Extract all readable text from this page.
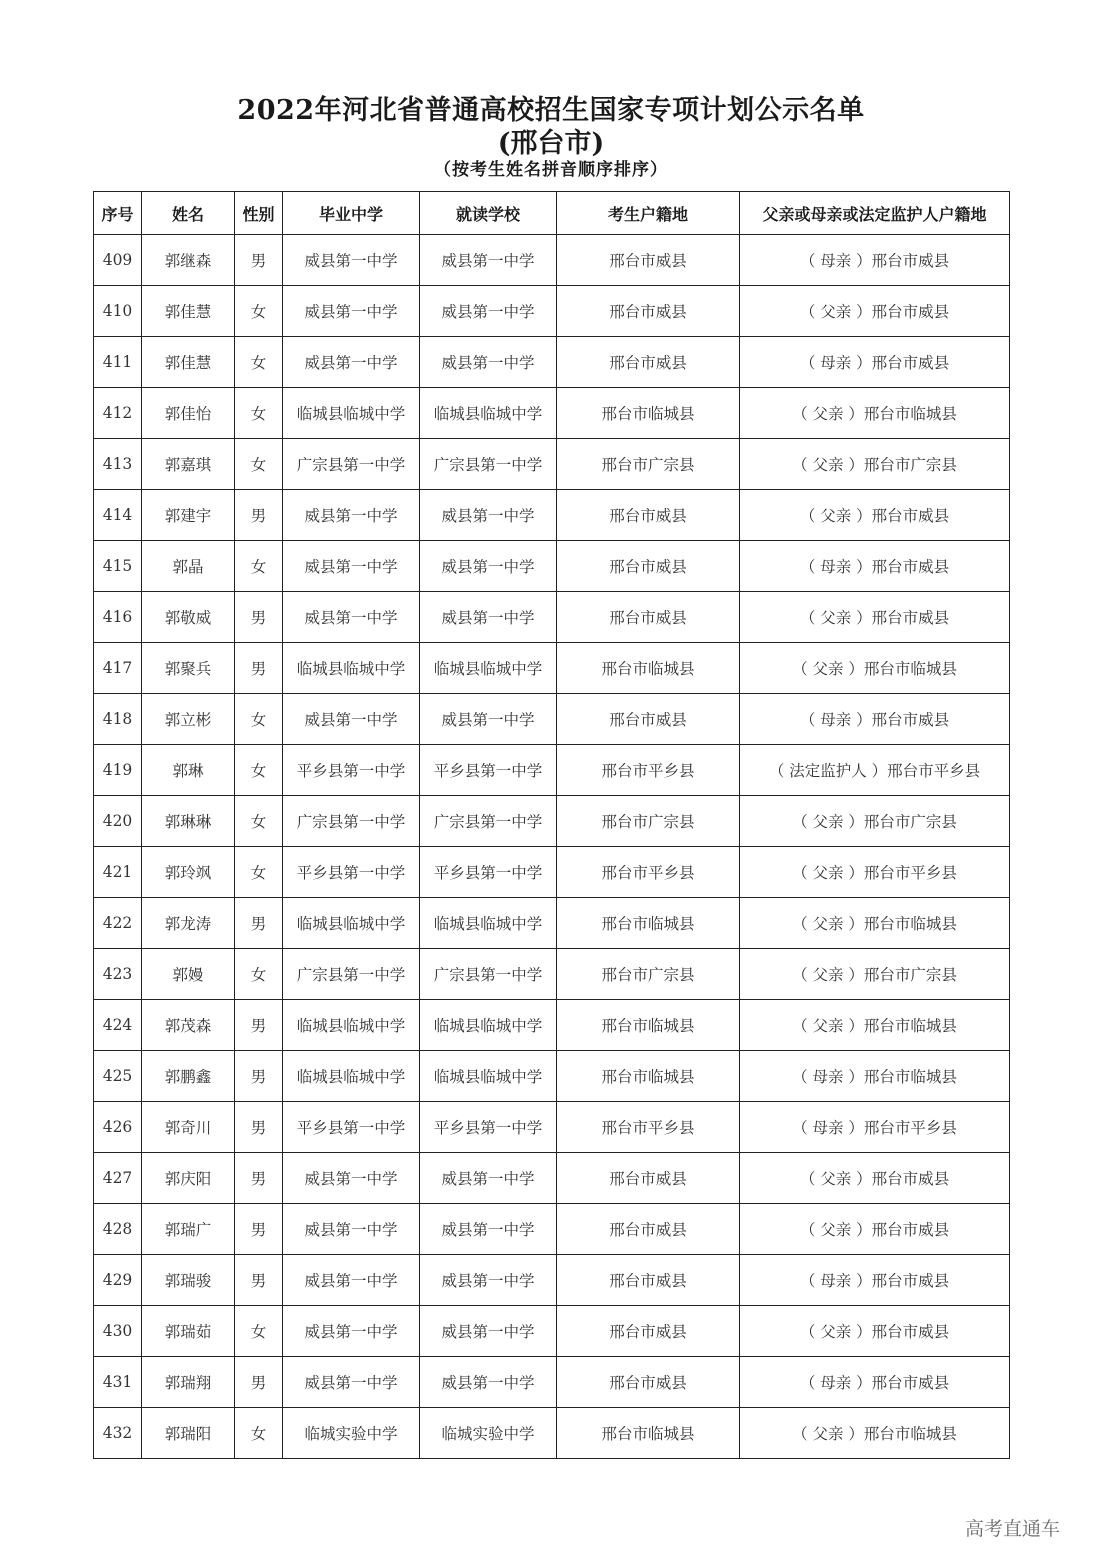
2022年河北省普通高校招生国家专项计划公示名单
(邢台市)
（按考生姓名拼音顺序排序）
序号	姓名	性别	毕业中学	就读学校	考生户籍地	父亲或母亲或法定监护人户籍地
409	郭继森	男	威县第一中学	威县第一中学	邢台市威县	（ 母亲 ）邢台市威县
410	郭佳慧	女	威县第一中学	威县第一中学	邢台市威县	（ 父亲 ）邢台市威县
411	郭佳慧	女	威县第一中学	威县第一中学	邢台市威县	（ 母亲 ）邢台市威县
412	郭佳怡	女	临城县临城中学	临城县临城中学	邢台市临城县	（ 父亲 ）邢台市临城县
413	郭嘉琪	女	广宗县第一中学	广宗县第一中学	邢台市广宗县	（ 父亲 ）邢台市广宗县
414	郭建宇	男	威县第一中学	威县第一中学	邢台市威县	（ 父亲 ）邢台市威县
415	郭晶	女	威县第一中学	威县第一中学	邢台市威县	（ 母亲 ）邢台市威县
416	郭敬威	男	威县第一中学	威县第一中学	邢台市威县	（ 父亲 ）邢台市威县
417	郭聚兵	男	临城县临城中学	临城县临城中学	邢台市临城县	（ 父亲 ）邢台市临城县
418	郭立彬	女	威县第一中学	威县第一中学	邢台市威县	（ 母亲 ）邢台市威县
419	郭琳	女	平乡县第一中学	平乡县第一中学	邢台市平乡县	（ 法定监护人 ）邢台市平乡县
420	郭琳琳	女	广宗县第一中学	广宗县第一中学	邢台市广宗县	（ 父亲 ）邢台市广宗县
421	郭玲飒	女	平乡县第一中学	平乡县第一中学	邢台市平乡县	（ 父亲 ）邢台市平乡县
422	郭龙涛	男	临城县临城中学	临城县临城中学	邢台市临城县	（ 父亲 ）邢台市临城县
423	郭嫚	女	广宗县第一中学	广宗县第一中学	邢台市广宗县	（ 父亲 ）邢台市广宗县
424	郭茂森	男	临城县临城中学	临城县临城中学	邢台市临城县	（ 父亲 ）邢台市临城县
425	郭鹏鑫	男	临城县临城中学	临城县临城中学	邢台市临城县	（ 母亲 ）邢台市临城县
426	郭奇川	男	平乡县第一中学	平乡县第一中学	邢台市平乡县	（ 母亲 ）邢台市平乡县
427	郭庆阳	男	威县第一中学	威县第一中学	邢台市威县	（ 父亲 ）邢台市威县
428	郭瑞广	男	威县第一中学	威县第一中学	邢台市威县	（ 父亲 ）邢台市威县
429	郭瑞骏	男	威县第一中学	威县第一中学	邢台市威县	（ 母亲 ）邢台市威县
430	郭瑞茹	女	威县第一中学	威县第一中学	邢台市威县	（ 父亲 ）邢台市威县
431	郭瑞翔	男	威县第一中学	威县第一中学	邢台市威县	（ 母亲 ）邢台市威县
432	郭瑞阳	女	临城实验中学	临城实验中学	邢台市临城县	（ 父亲 ）邢台市临城县
高考直通车
